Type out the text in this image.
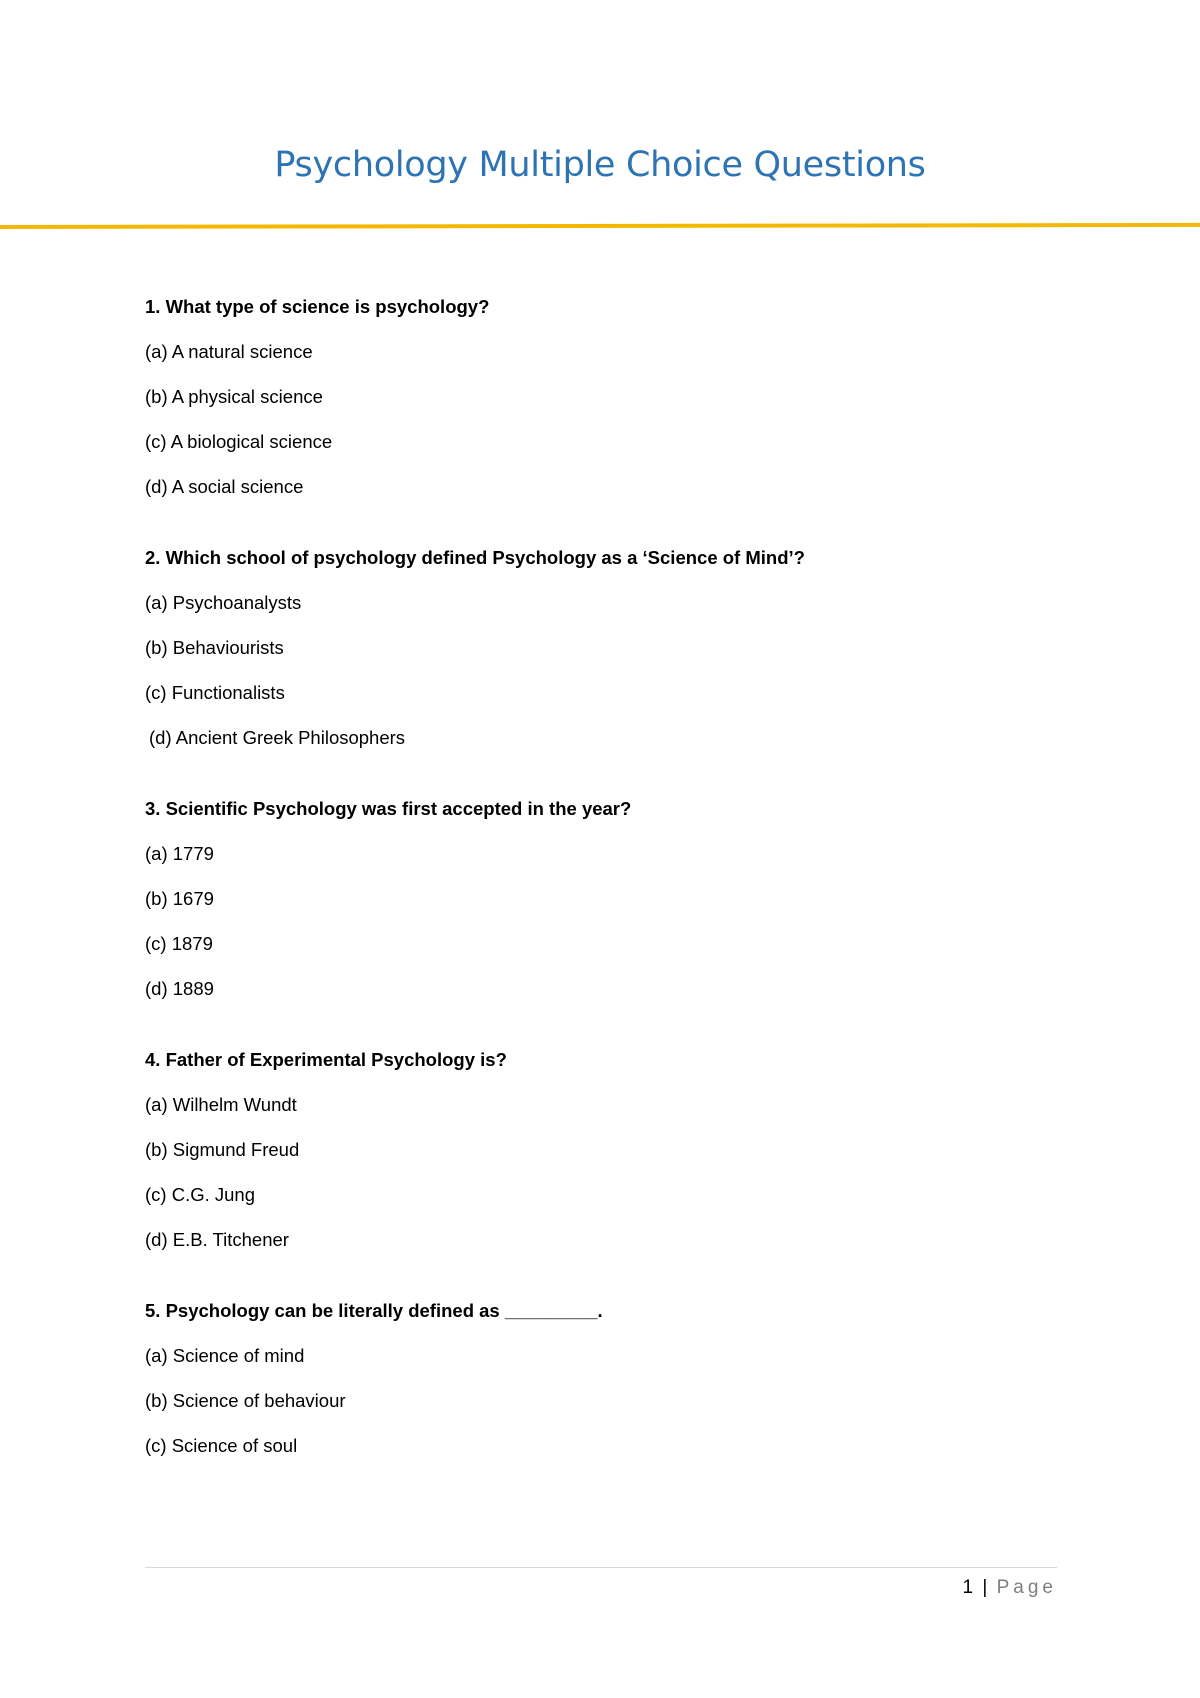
Psychology Multiple Choice Questions
1. What type of science is psychology?
(a) A natural science
(b) A physical science
(c) A biological science
(d) A social science
2. Which school of psychology defined Psychology as a ‘Science of Mind’?
(a) Psychoanalysts
(b) Behaviourists
(c) Functionalists
(d) Ancient Greek Philosophers
3. Scientific Psychology was first accepted in the year?
(a) 1779
(b) 1679
(c) 1879
(d) 1889
4. Father of Experimental Psychology is?
(a) Wilhelm Wundt
(b) Sigmund Freud
(c) C.G. Jung
(d) E.B. Titchener
5. Psychology can be literally defined as _________.
(a) Science of mind
(b) Science of behaviour
(c) Science of soul
1 | Page
